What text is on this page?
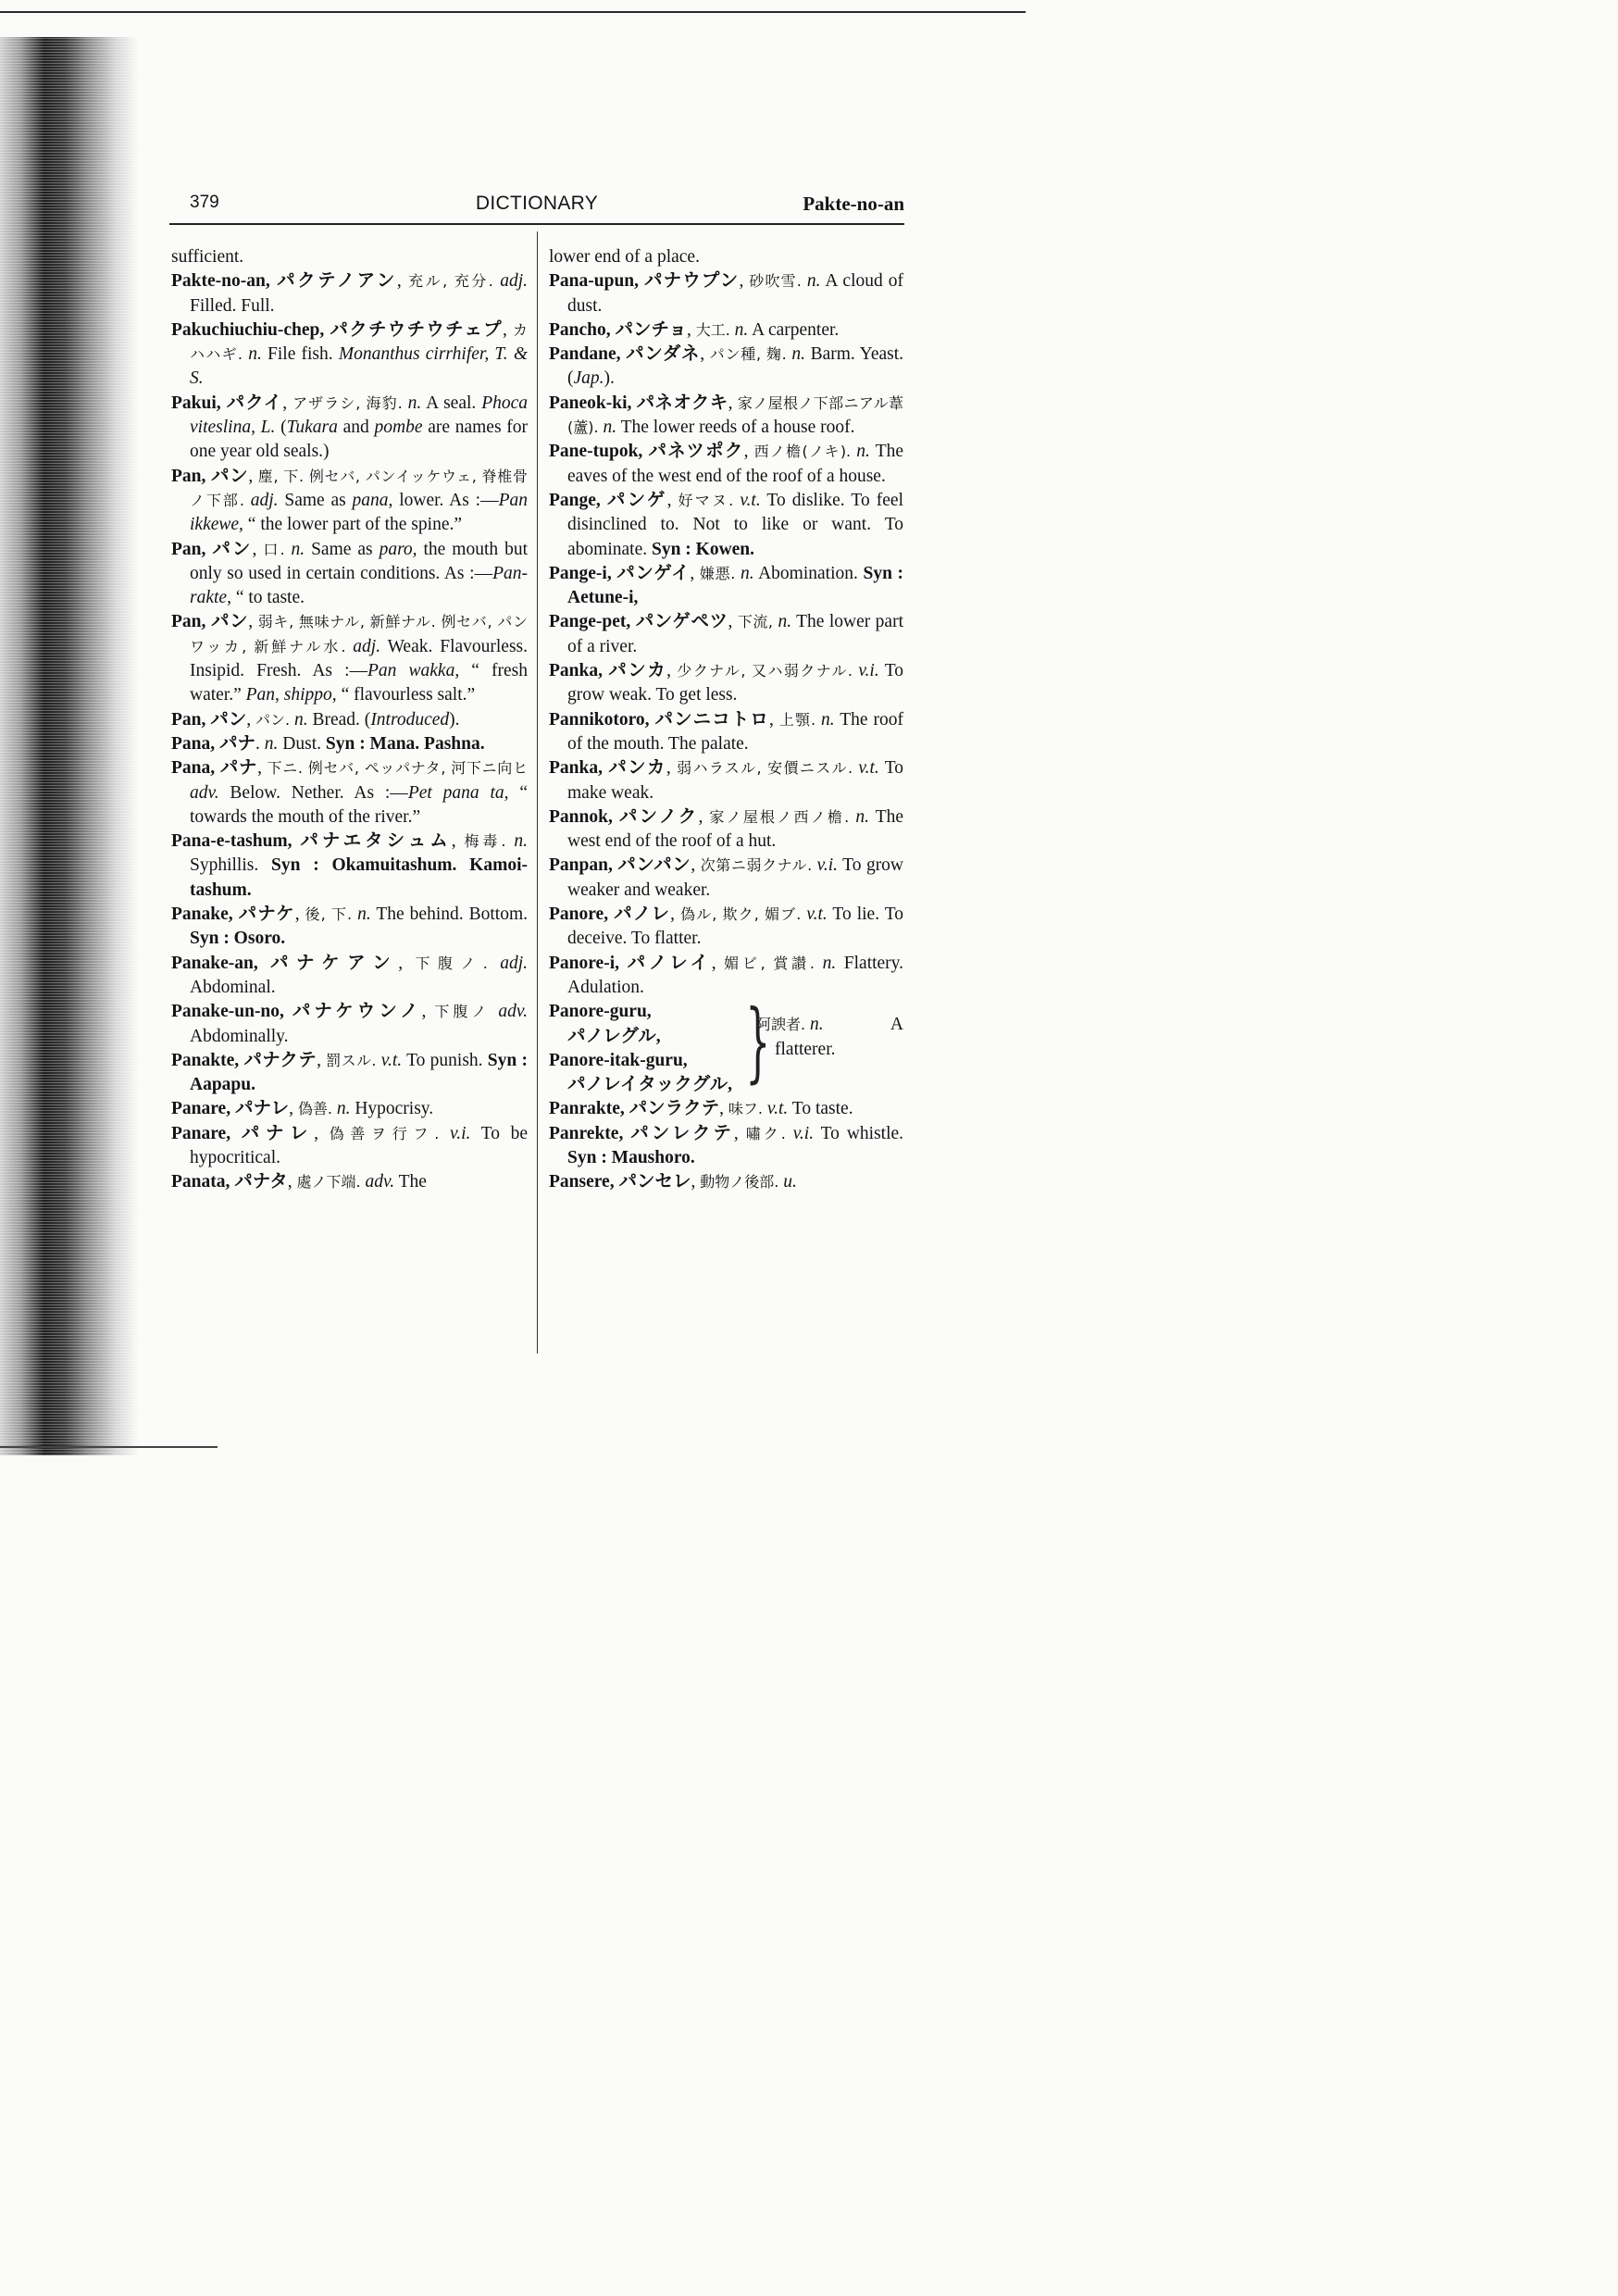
379	DICTIONARY	Pakte-no-an
sufficient.
Pakte-no-an, パクテノアン, 充ル, 充分. adj. Filled. Full.
Pakuchiuchiu-chep, パクチウチウチェプ, カハハギ. n. File fish. Monanthus cirrhifer, T. & S.
Pakui, パクイ, アザラシ, 海豹. n. A seal. Phoca viteslina, L. (Tukara and pombe are names for one year old seals.)
Pan, パン, 塵, 下. 例セバ, パンイッケウェ, 脊椎骨ノ下部. adj. Same as pana, lower. As :—Pan ikkewe, “ the lower part of the spine.”
Pan, パン, 口. n. Same as paro, the mouth but only so used in certain conditions. As :—Pan-rakte, “ to taste.
Pan, パン, 弱キ, 無味ナル, 新鮮ナル. 例セバ, パンワッカ, 新鮮ナル水. adj. Weak. Flavourless. Insipid. Fresh. As :—Pan wakka, “ fresh water.” Pan, shippo, “ flavourless salt.”
Pan, パン, パン. n. Bread. (Introduced).
Pana, パナ. n. Dust. Syn : Mana. Pashna.
Pana, パナ, 下ニ. 例セバ, ペッパナタ, 河下ニ向ヒ adv. Below. Nether. As :—Pet pana ta, “ towards the mouth of the river.”
Pana-e-tashum, パナエタシュム, 梅毒. n. Syphillis. Syn : Okamuitashum. Kamoi-tashum.
Panake, パナケ, 後, 下. n. The behind. Bottom. Syn : Osoro.
Panake-an, パナケアン, 下腹ノ. adj. Abdominal.
Panake-un-no, パナケウンノ, 下腹ノ adv. Abdominally.
Panakte, パナクテ, 罰スル. v.t. To punish. Syn : Aapapu.
Panare, パナレ, 偽善. n. Hypocrisy.
Panare, パナレ, 偽善ヲ行フ. v.i. To be hypocritical.
Panata, パナタ, 處ノ下端. adv. The
lower end of a place.
Pana-upun, パナウプン, 砂吹雪. n. A cloud of dust.
Pancho, パンチョ, 大工. n. A carpenter.
Pandane, パンダネ, パン種, 麹. n. Barm. Yeast. (Jap.).
Paneok-ki, パネオクキ, 家ノ屋根ノ下部ニアル葦(蘆). n. The lower reeds of a house roof.
Pane-tupok, パネツポク, 西ノ檐(ノキ). n. The eaves of the west end of the roof of a house.
Pange, パンゲ, 好マヌ. v.t. To dislike. To feel disinclined to. Not to like or want. To abominate. Syn : Kowen.
Pange-i, パンゲイ, 嫌悪. n. Abomination. Syn : Aetune-i,
Pange-pet, パンゲペツ, 下流, n. The lower part of a river.
Panka, パンカ, 少クナル, 又ハ弱クナル. v.i. To grow weak. To get less.
Pannikotoro, パンニコトロ, 上顎. n. The roof of the mouth. The palate.
Panka, パンカ, 弱ハラスル, 安價ニスル. v.t. To make weak.
Pannok, パンノク, 家ノ屋根ノ西ノ檐. n. The west end of the roof of a hut.
Panpan, パンパン, 次第ニ弱クナル. v.i. To grow weaker and weaker.
Panore, パノレ, 偽ル, 欺ク, 媚ブ. v.t. To lie. To deceive. To flatter.
Panore-i, パノレイ, 媚ビ, 賞讃. n. Flattery. Adulation.
Panore-guru,
パノレグル,
Panore-itak-guru,
パノレイタックグル, }
阿諛者. n.	A
flatterer.
Panrakte, パンラクテ, 味フ. v.t. To taste.
Panrekte, パンレクテ, 嘯ク. v.i. To whistle. Syn : Maushoro.
Pansere, パンセレ, 動物ノ後部. u.
